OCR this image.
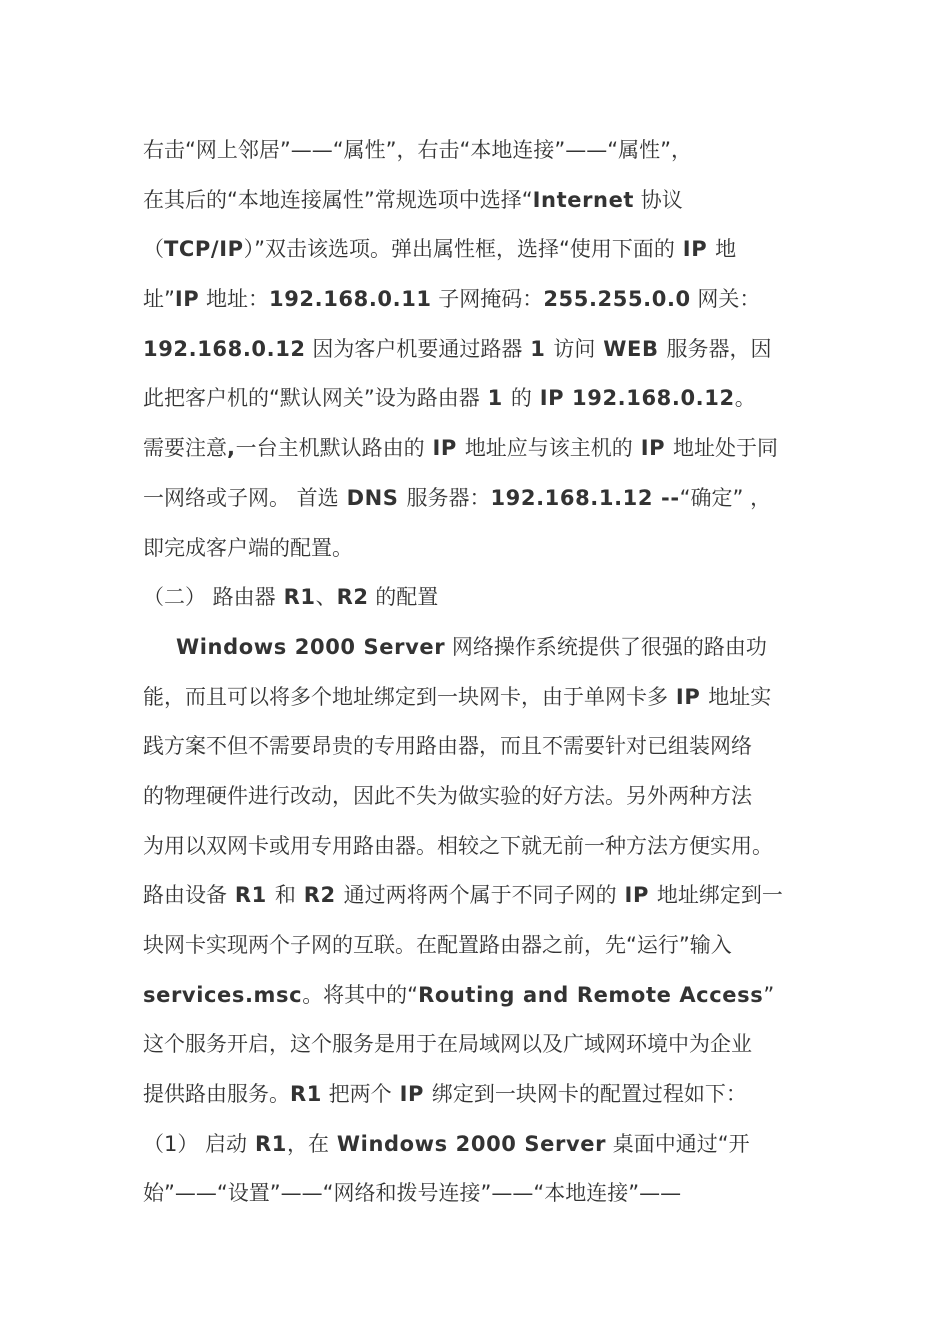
右击“网上邻居”——“属性”，右击“本地连接”——“属性”，
在其后的“本地连接属性”常规选项中选择“Internet 协议
（TCP/IP）”双击该选项。弹出属性框，选择“使用下面的 IP 地
址”IP 地址：192.168.0.11 子网掩码：255.255.0.0 网关：
192.168.0.12 因为客户机要通过路器 1 访问 WEB 服务器，因
此把客户机的“默认网关”设为路由器 1 的 IP 192.168.0.12。
需要注意,一台主机默认路由的 IP 地址应与该主机的 IP 地址处于同
一网络或子网。 首选 DNS 服务器：192.168.1.12 --“确定” ，
即完成客户端的配置。
（二） 路由器 R1、R2 的配置
Windows 2000 Server 网络操作系统提供了很强的路由功
能，而且可以将多个地址绑定到一块网卡，由于单网卡多 IP 地址实
践方案不但不需要昂贵的专用路由器，而且不需要针对已组装网络
的物理硬件进行改动，因此不失为做实验的好方法。另外两种方法
为用以双网卡或用专用路由器。相较之下就无前一种方法方便实用。
路由设备 R1 和 R2 通过两将两个属于不同子网的 IP 地址绑定到一
块网卡实现两个子网的互联。在配置路由器之前，先“运行”输入
services.msc。将其中的“Routing and Remote Access”
这个服务开启，这个服务是用于在局域网以及广域网环境中为企业
提供路由服务。R1 把两个 IP 绑定到一块网卡的配置过程如下：
（1） 启动 R1，在 Windows 2000 Server 桌面中通过“开
始”——“设置”——“网络和拨号连接”——“本地连接”——
